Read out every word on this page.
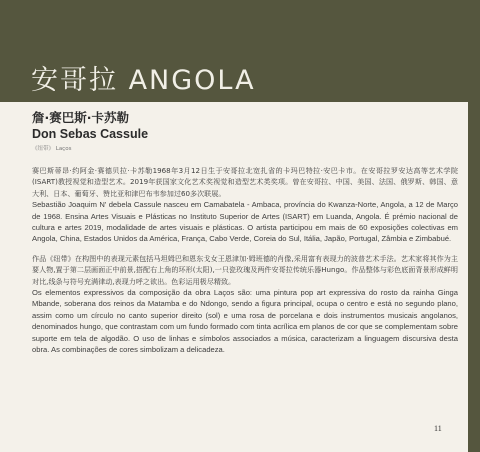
安哥拉 ANGOLA

詹·赛巴斯·卡苏勒

Don Sebas Cassule

《纽带》 Laços

赛巴斯蒂昂·约阿金·赛德贝拉·卡苏勒1968年3月12日生于安哥拉北宽扎省的卡玛巴特拉·安巴卡市。在安哥拉罗安达高等艺术学院(ISART)教授视觉和造型艺术。2019年获国家文化艺术奖视觉和造型艺术类奖项。曾在安哥拉、中国、美国、法国、俄罗斯、韩国、意大利、日本、葡萄牙、赞比亚和津巴布韦参加过60多次联展。

Sebastião Joaquim N' debela Cassule nasceu em Camabatela - Ambaca, província do Kwanza-Norte, Angola, a 12 de Março de 1968. Ensina Artes Visuais e Plásticas no Instituto Superior de Artes (ISART) em Luanda, Angola. É prémio nacional de cultura e artes 2019, modalidade de artes visuais e plásticas. O artista participou em mais de 60 exposições colectivas em Angola, China, Estados Unidos da América, França, Cabo Verde, Coreia do Sul, Itália, Japão, Portugal, Zâmbia e Zimbabué.

作品《纽带》在构图中的表现元素包括马坦姆巴和恩东戈女王恩津加·姆班德的肖像,采用富有表现力的波普艺术手法。艺术家将其作为主要人物,置于第二层画面正中前景,搭配右上角的环形(太阳),一只瓷玫瑰及两件安哥拉传统乐器Hungo。作品整体与彩色底面背景形成鲜明对比,线条与符号充满律动,表现力呼之欲出。色彩运用极尽精致。

Os elementos expressivos da composição da obra Laços são: uma pintura pop art expressiva do rosto da rainha Ginga Mbande, soberana dos reinos da Matamba e do Ndongo, sendo a figura principal, ocupa o centro e está no segundo plano, assim como um círculo no canto superior direito (sol) e uma rosa de porcelana e dois instrumentos musicais angolanos, denominados hungo, que contrastam com um fundo formado com tinta acrílica em planos de cor que se complementam sobre suporte em tela de algodão. O uso de linhas e símbolos associados a música, caracterizam a linguagem discursiva desta obra. As combinações de cores simbolizam a delicadeza.

11
